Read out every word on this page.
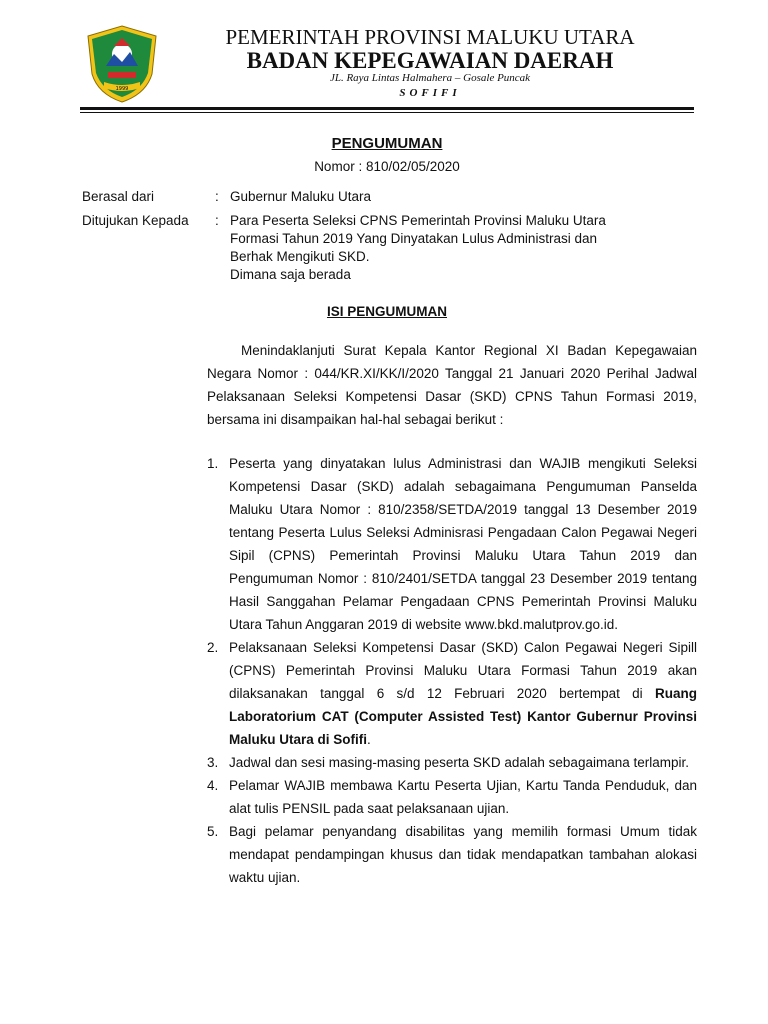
1999
PEMERINTAH PROVINSI MALUKU UTARA
BADAN KEPEGAWAIAN DAERAH
JL. Raya Lintas Halmahera – Gosale Puncak
SOFIFI
PENGUMUMAN
Nomor : 810/02/05/2020
Berasal dari	: Gubernur Maluku Utara
Ditujukan Kepada : Para Peserta Seleksi CPNS Pemerintah Provinsi Maluku Utara
Formasi Tahun 2019 Yang Dinyatakan Lulus Administrasi dan
Berhak Mengikuti SKD.
Dimana saja berada
ISI PENGUMUMAN

Menindaklanjuti Surat Kepala Kantor Regional XI Badan Kepegawaian Negara Nomor : 044/KR.XI/KK/I/2020 Tanggal 21 Januari 2020 Perihal Jadwal Pelaksanaan Seleksi Kompetensi Dasar (SKD) CPNS Tahun Formasi 2019, bersama ini disampaikan hal-hal sebagai berikut :

1. Peserta yang dinyatakan lulus Administrasi dan WAJIB mengikuti Seleksi Kompetensi Dasar (SKD) adalah sebagaimana Pengumuman Panselda Maluku Utara Nomor : 810/2358/SETDA/2019 tanggal 13 Desember 2019 tentang Peserta Lulus Seleksi Adminisrasi Pengadaan Calon Pegawai Negeri Sipil (CPNS) Pemerintah Provinsi Maluku Utara Tahun 2019 dan Pengumuman Nomor : 810/2401/SETDA tanggal 23 Desember 2019 tentang Hasil Sanggahan Pelamar Pengadaan CPNS Pemerintah Provinsi Maluku Utara Tahun Anggaran 2019 di website www.bkd.malutprov.go.id.
2. Pelaksanaan Seleksi Kompetensi Dasar (SKD) Calon Pegawai Negeri Sipill (CPNS) Pemerintah Provinsi Maluku Utara Formasi Tahun 2019 akan dilaksanakan tanggal 6 s/d 12 Februari 2020 bertempat di Ruang Laboratorium CAT (Computer Assisted Test) Kantor Gubernur Provinsi Maluku Utara di Sofifi.
3. Jadwal dan sesi masing-masing peserta SKD adalah sebagaimana terlampir.
4. Pelamar WAJIB membawa Kartu Peserta Ujian, Kartu Tanda Penduduk, dan alat tulis PENSIL pada saat pelaksanaan ujian.
5. Bagi pelamar penyandang disabilitas yang memilih formasi Umum tidak mendapat pendampingan khusus dan tidak mendapatkan tambahan alokasi waktu ujian.
